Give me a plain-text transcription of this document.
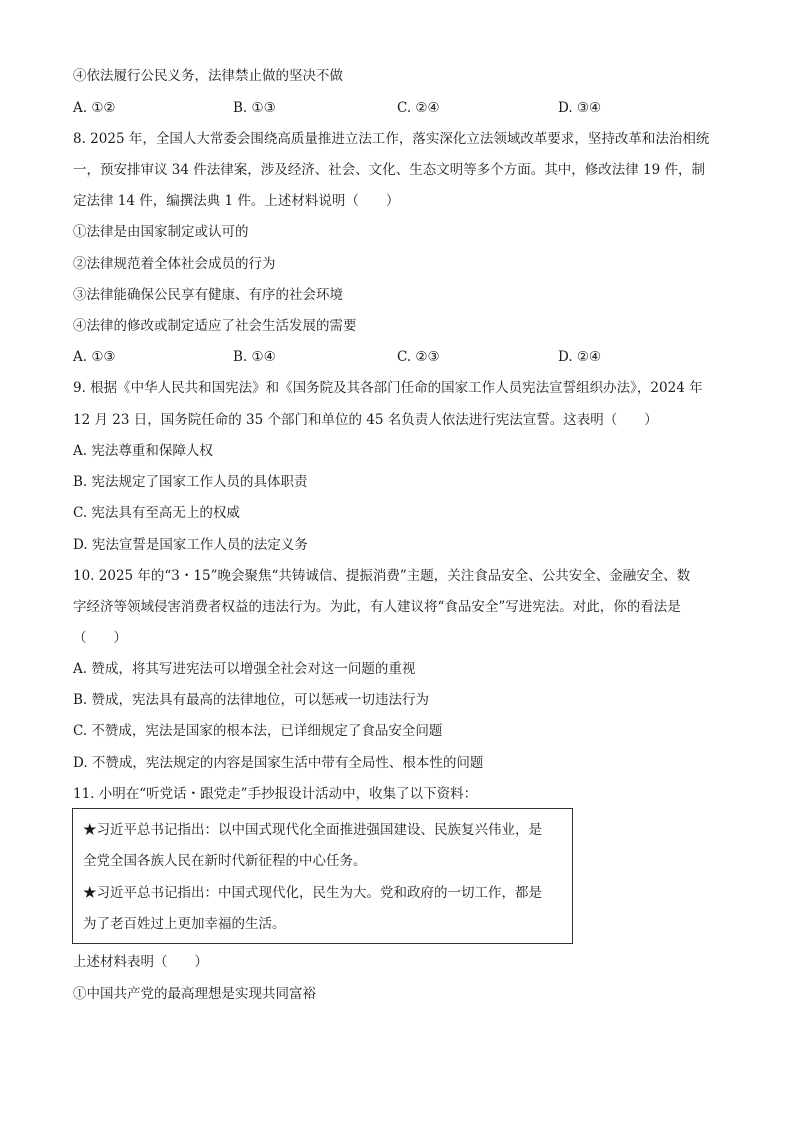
④依法履行公民义务，法律禁止做的坚决不做
A. ①②	B. ①③	C. ②④	D. ③④
8. 2025 年，全国人大常委会围绕高质量推进立法工作，落实深化立法领域改革要求，坚持改革和法治相统
一，预安排审议 34 件法律案，涉及经济、社会、文化、生态文明等多个方面。其中，修改法律 19 件，制
定法律 14 件，编撰法典 1 件。上述材料说明（　　）
①法律是由国家制定或认可的
②法律规范着全体社会成员的行为
③法律能确保公民享有健康、有序的社会环境
④法律的修改或制定适应了社会生活发展的需要
A. ①③	B. ①④	C. ②③	D. ②④
9. 根据《中华人民共和国宪法》和《国务院及其各部门任命的国家工作人员宪法宣誓组织办法》，2024 年
12 月 23 日，国务院任命的 35 个部门和单位的 45 名负责人依法进行宪法宣誓。这表明（　　）
A. 宪法尊重和保障人权
B. 宪法规定了国家工作人员的具体职责
C. 宪法具有至高无上的权威
D. 宪法宣誓是国家工作人员的法定义务
10. 2025 年的“3・15”晚会聚焦“共铸诚信、提振消费”主题，关注食品安全、公共安全、金融安全、数
字经济等领域侵害消费者权益的违法行为。为此，有人建议将“食品安全”写进宪法。对此，你的看法是
（　　）
A. 赞成，将其写进宪法可以增强全社会对这一问题的重视
B. 赞成，宪法具有最高的法律地位，可以惩戒一切违法行为
C. 不赞成，宪法是国家的根本法，已详细规定了食品安全问题
D. 不赞成，宪法规定的内容是国家生活中带有全局性、根本性的问题
11. 小明在“听党话・跟党走”手抄报设计活动中，收集了以下资料：
★习近平总书记指出：以中国式现代化全面推进强国建设、民族复兴伟业，是
全党全国各族人民在新时代新征程的中心任务。
★习近平总书记指出：中国式现代化，民生为大。党和政府的一切工作，都是
为了老百姓过上更加幸福的生活。
上述材料表明（　　）
①中国共产党的最高理想是实现共同富裕
